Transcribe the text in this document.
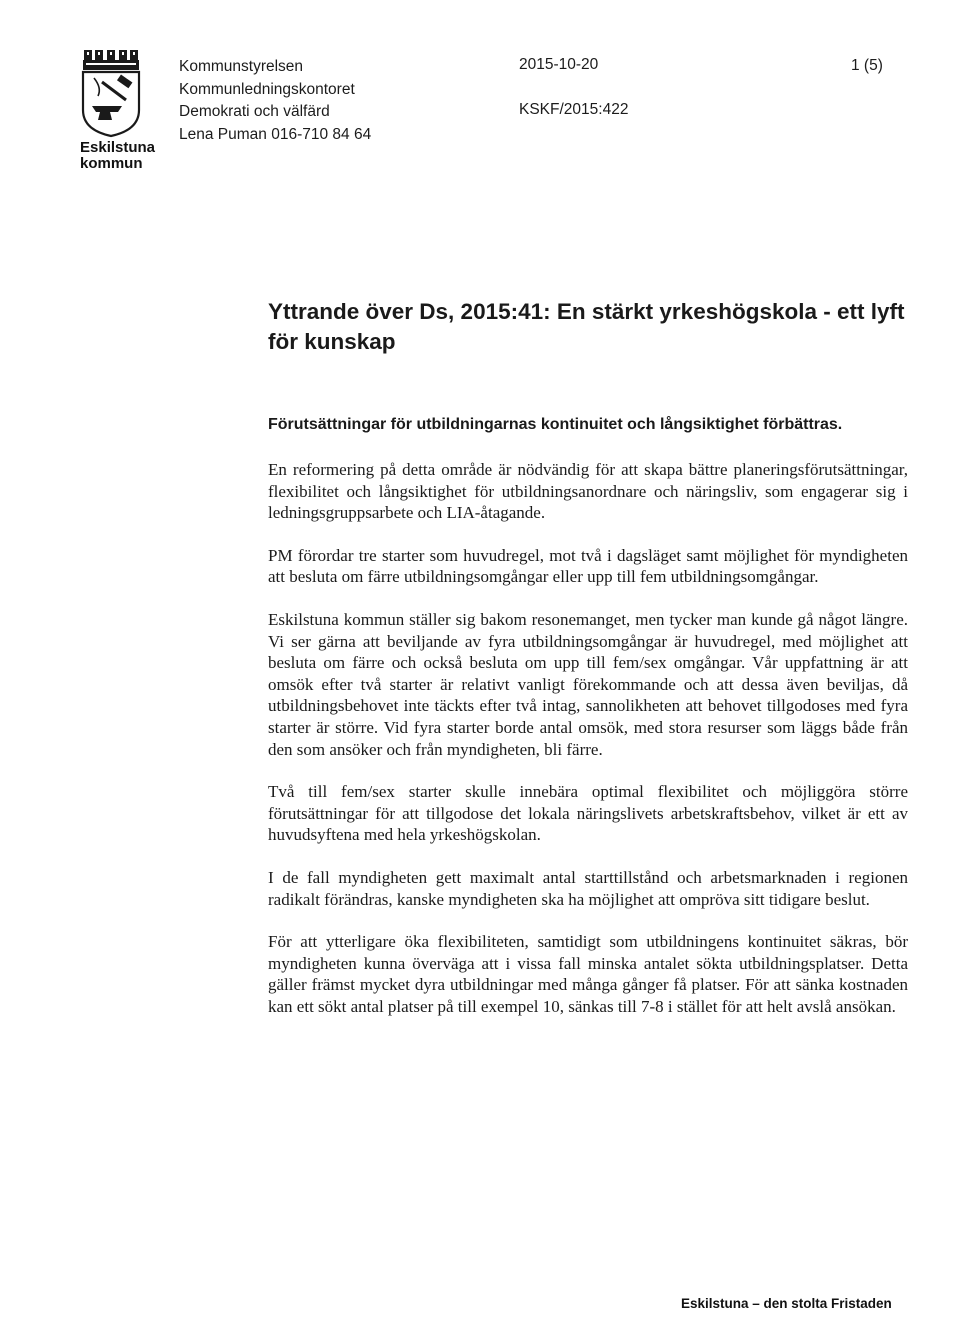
Eskilstuna
kommun
Kommunstyrelsen
Kommunledningskontoret
Demokrati och välfärd
Lena Puman 016-710 84 64
2015-10-20
KSKF/2015:422
1 (5)
Yttrande över Ds, 2015:41: En stärkt yrkeshögskola - ett lyft för kunskap
Förutsättningar för utbildningarnas kontinuitet och långsiktighet förbättras.

En reformering på detta område är nödvändig för att skapa bättre planeringsförutsättningar, flexibilitet och långsiktighet för utbildningsanordnare och näringsliv, som engagerar sig i ledningsgruppsarbete och LIA-åtagande.

PM förordar tre starter som huvudregel, mot två i dagsläget samt möjlighet för myndigheten att besluta om färre utbildningsomgångar eller upp till fem utbildningsomgångar.

Eskilstuna kommun ställer sig bakom resonemanget, men tycker man kunde gå något längre. Vi ser gärna att beviljande av fyra utbildningsomgångar är huvudregel, med möjlighet att besluta om färre och också besluta om upp till fem/sex omgångar. Vår uppfattning är att omsök efter två starter är relativt vanligt förekommande och att dessa även beviljas, då utbildningsbehovet inte täckts efter två intag, sannolikheten att behovet tillgodoses med fyra starter är större. Vid fyra starter borde antal omsök, med stora resurser som läggs både från den som ansöker och från myndigheten, bli färre.

Två till fem/sex starter skulle innebära optimal flexibilitet och möjliggöra större förutsättningar för att tillgodose det lokala näringslivets arbetskraftsbehov, vilket är ett av huvudsyftena med hela yrkeshögskolan.

I de fall myndigheten gett maximalt antal starttillstånd och arbetsmarknaden i regionen radikalt förändras, kanske myndigheten ska ha möjlighet att ompröva sitt tidigare beslut.

För att ytterligare öka flexibiliteten, samtidigt som utbildningens kontinuitet säkras, bör myndigheten kunna överväga att i vissa fall minska antalet sökta utbildningsplatser. Detta gäller främst mycket dyra utbildningar med många gånger få platser. För att sänka kostnaden kan ett sökt antal platser på till exempel 10, sänkas till 7-8 i stället för att helt avslå ansökan.

Eskilstuna – den stolta Fristaden
